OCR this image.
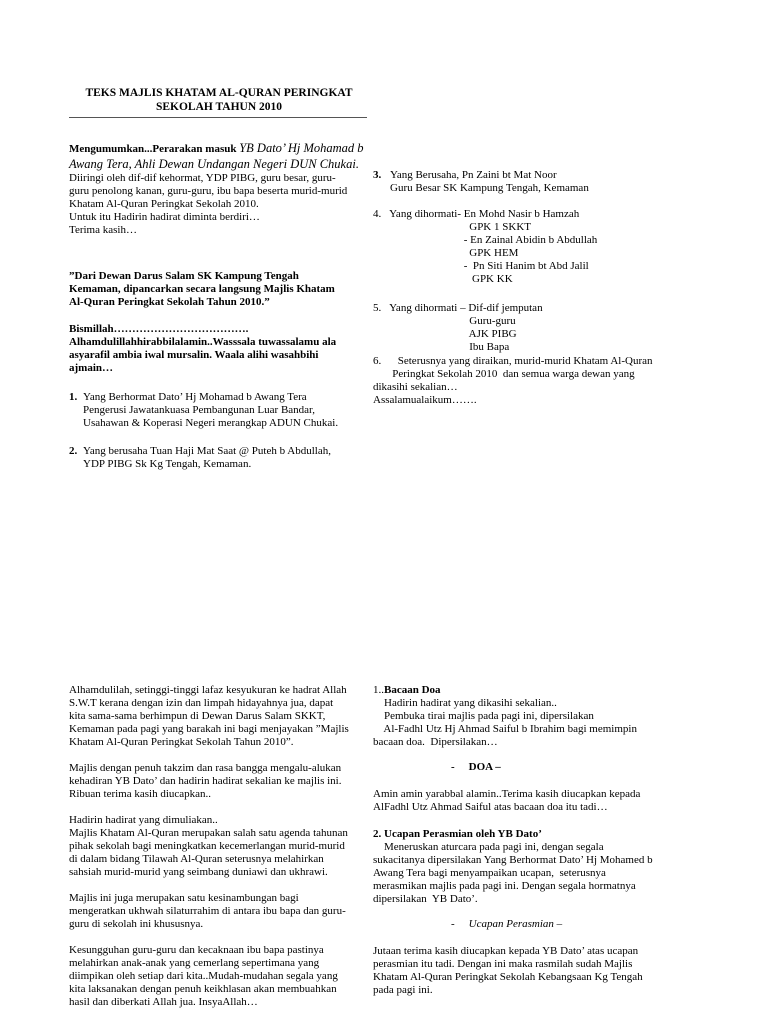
TEKS MAJLIS KHATAM AL-QURAN PERINGKAT
SEKOLAH TAHUN 2010

Mengumumkan...Perarakan masuk YB Dato’ Hj Mohamad b Awang Tera, Ahli Dewan Undangan Negeri DUN Chukai.

Diiringi oleh dif-dif kehormat, YDP PIBG, guru besar, guru-
guru penolong kanan, guru-guru, ibu bapa beserta murid-murid
Khatam Al-Quran Peringkat Sekolah 2010.
Untuk itu Hadirin hadirat diminta berdiri…
Terima kasih…

”Dari Dewan Darus Salam SK Kampung Tengah
Kemaman, dipancarkan secara langsung Majlis Khatam
Al-Quran Peringkat Sekolah Tahun 2010.”

Bismillah……………………………….
Alhamdulillahhirabbilalamin..Wasssala tuwassalamu ala
asyarafil ambia iwal mursalin. Waala alihi wasahbihi
ajmain…

1. Yang Berhormat Dato’ Hj Mohamad b Awang Tera
Pengerusi Jawatankuasa Pembangunan Luar Bandar,
Usahawan & Koperasi Negeri merangkap ADUN Chukai.
2. Yang berusaha Tuan Haji Mat Saat @ Puteh b Abdullah,
YDP PIBG Sk Kg Tengah, Kemaman.
3. Yang Berusaha, Pn Zaini bt Mat Noor
Guru Besar SK Kampung Tengah, Kemaman

4.   Yang dihormati- En Mohd Nasir b Hamzah
GPK 1 SKKT
- En Zainal Abidin b Abdullah
GPK HEM
-  Pn Siti Hanim bt Abd Jalil
GPK KK

5.   Yang dihormati – Dif-dif jemputan
Guru-guru
AJK PIBG
Ibu Bapa

6.      Seterusnya yang diraikan, murid-murid Khatam Al-Quran
Peringkat Sekolah 2010  dan semua warga dewan yang
dikasihi sekalian…
Assalamualaikum…….

Alhamdulilah, setinggi-tinggi lafaz kesyukuran ke hadrat Allah
S.W.T kerana dengan izin dan limpah hidayahnya jua, dapat
kita sama-sama berhimpun di Dewan Darus Salam SKKT,
Kemaman pada pagi yang barakah ini bagi menjayakan ”Majlis
Khatam Al-Quran Peringkat Sekolah Tahun 2010”.

Majlis dengan penuh takzim dan rasa bangga mengalu-alukan
kehadiran YB Dato’ dan hadirin hadirat sekalian ke majlis ini.
Ribuan terima kasih diucapkan..

Hadirin hadirat yang dimuliakan..
Majlis Khatam Al-Quran merupakan salah satu agenda tahunan
pihak sekolah bagi meningkatkan kecemerlangan murid-murid
di dalam bidang Tilawah Al-Quran seterusnya melahirkan
sahsiah murid-murid yang seimbang duniawi dan ukhrawi.

Majlis ini juga merupakan satu kesinambungan bagi
mengeratkan ukhwah silaturrahim di antara ibu bapa dan guru-
guru di sekolah ini khususnya.

Kesungguhan guru-guru dan kecaknaan ibu bapa pastinya
melahirkan anak-anak yang cemerlang sepertimana yang
diimpikan oleh setiap dari kita..Mudah-mudahan segala yang
kita laksanakan dengan penuh keikhlasan akan membuahkan
hasil dan diberkati Allah jua. InsyaAllah…

1..Bacaan Doa

Hadirin hadirat yang dikasihi sekalian..
Pembuka tirai majlis pada pagi ini, dipersilakan
Al-Fadhl Utz Hj Ahmad Saiful b Ibrahim bagi memimpin
bacaan doa.  Dipersilakan…

- DOA –

Amin amin yarabbal alamin..Terima kasih diucapkan kepada
AlFadhl Utz Ahmad Saiful atas bacaan doa itu tadi…

2. Ucapan Perasmian oleh YB Dato’

Meneruskan aturcara pada pagi ini, dengan segala
sukacitanya dipersilakan Yang Berhormat Dato’ Hj Mohamed b
Awang Tera bagi menyampaikan ucapan,  seterusnya
merasmikan majlis pada pagi ini. Dengan segala hormatnya
dipersilakan  YB Dato’.

- Ucapan Perasmian –

Jutaan terima kasih diucapkan kepada YB Dato’ atas ucapan
perasmian itu tadi. Dengan ini maka rasmilah sudah Majlis
Khatam Al-Quran Peringkat Sekolah Kebangsaan Kg Tengah
pada pagi ini.
